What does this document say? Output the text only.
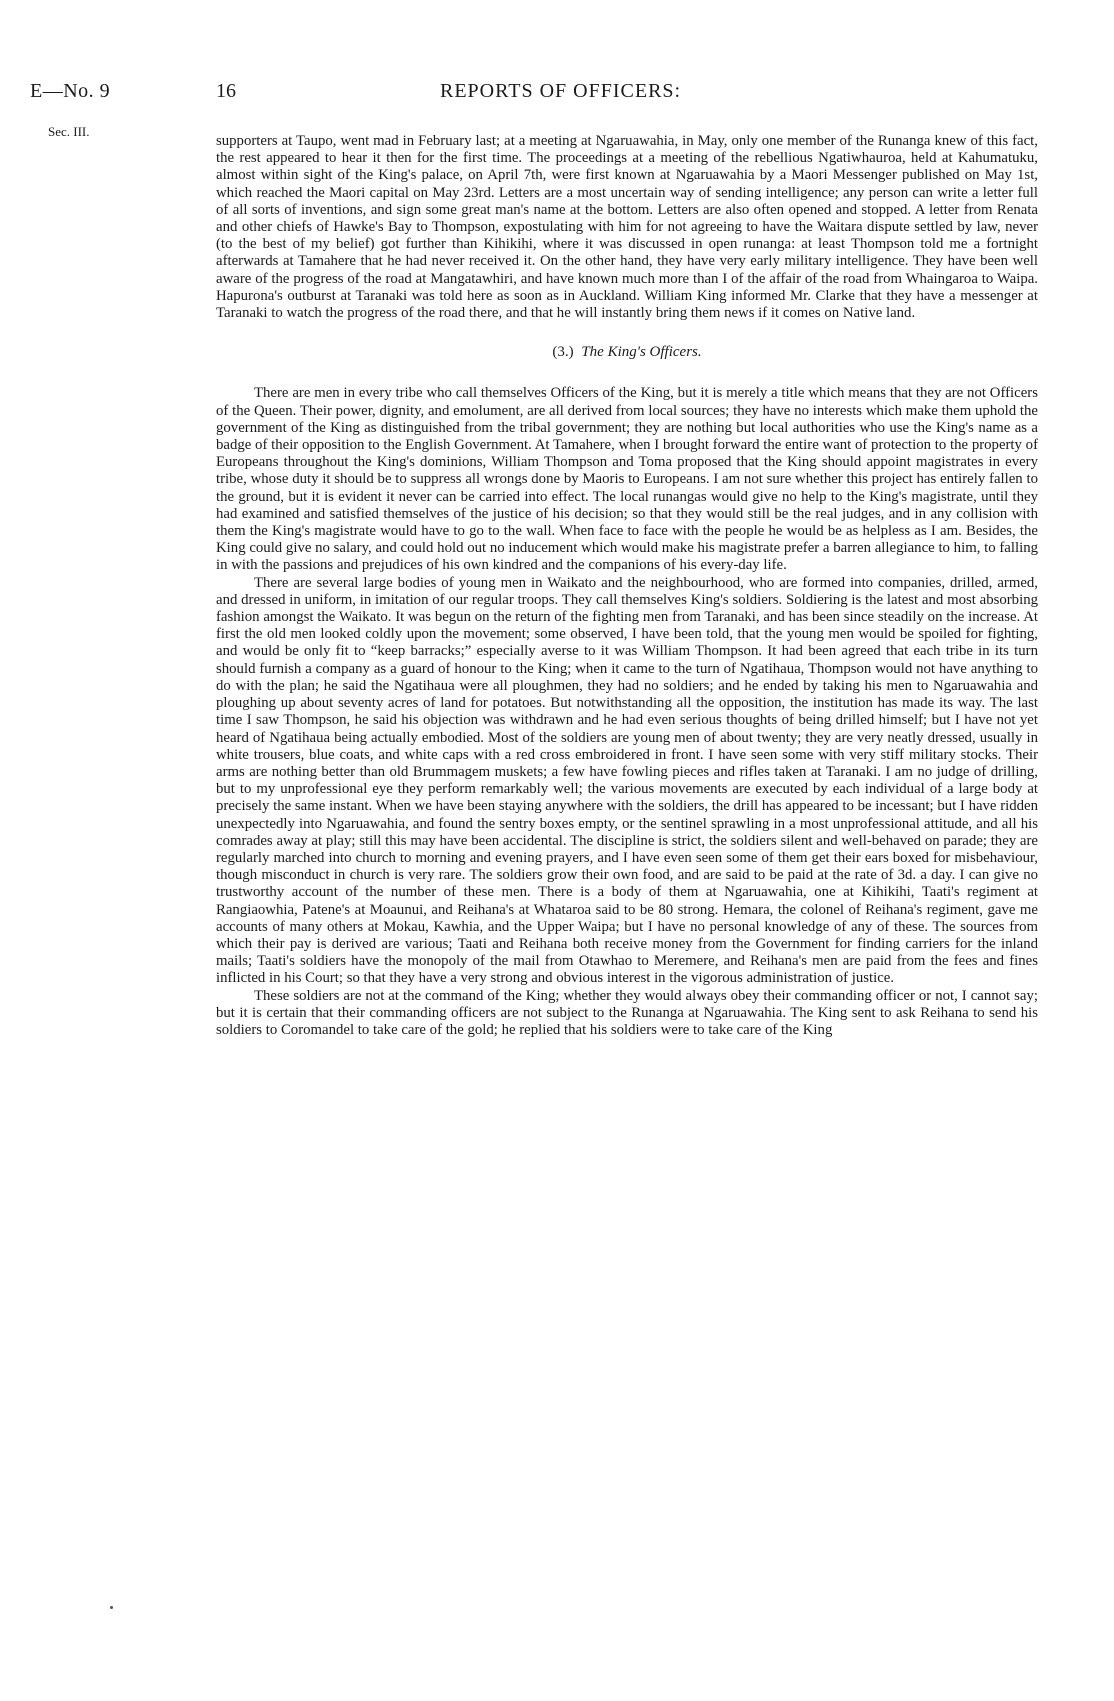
E—No. 9
Sec. III.
16	REPORTS OF OFFICERS:

supporters at Taupo, went mad in February last; at a meeting at Ngaruawahia, in May, only one member of the Runanga knew of this fact, the rest appeared to hear it then for the first time. The proceedings at a meeting of the rebellious Ngatiwhauroa, held at Kahumatuku, almost within sight of the King's palace, on April 7th, were first known at Ngaruawahia by a Maori Messenger published on May 1st, which reached the Maori capital on May 23rd. Letters are a most uncertain way of sending intelligence; any person can write a letter full of all sorts of inventions, and sign some great man's name at the bottom. Letters are also often opened and stopped. A letter from Renata and other chiefs of Hawke's Bay to Thompson, expostulating with him for not agreeing to have the Waitara dispute settled by law, never (to the best of my belief) got further than Kihikihi, where it was discussed in open runanga: at least Thompson told me a fortnight afterwards at Tamahere that he had never received it. On the other hand, they have very early military intelligence. They have been well aware of the progress of the road at Mangatawhiri, and have known much more than I of the affair of the road from Whaingaroa to Waipa. Hapurona's outburst at Taranaki was told here as soon as in Auckland. William King informed Mr. Clarke that they have a messenger at Taranaki to watch the progress of the road there, and that he will instantly bring them news if it comes on Native land.

(3.) The King's Officers.

There are men in every tribe who call themselves Officers of the King, but it is merely a title which means that they are not Officers of the Queen. Their power, dignity, and emolument, are all derived from local sources; they have no interests which make them uphold the government of the King as distinguished from the tribal government; they are nothing but local authorities who use the King's name as a badge of their opposition to the English Government. At Tamahere, when I brought forward the entire want of protection to the property of Europeans throughout the King's dominions, William Thompson and Toma proposed that the King should appoint magistrates in every tribe, whose duty it should be to suppress all wrongs done by Maoris to Europeans. I am not sure whether this project has entirely fallen to the ground, but it is evident it never can be carried into effect. The local runangas would give no help to the King's magistrate, until they had examined and satisfied themselves of the justice of his decision; so that they would still be the real judges, and in any collision with them the King's magistrate would have to go to the wall. When face to face with the people he would be as helpless as I am. Besides, the King could give no salary, and could hold out no inducement which would make his magistrate prefer a barren allegiance to him, to falling in with the passions and prejudices of his own kindred and the companions of his every-day life.

There are several large bodies of young men in Waikato and the neighbourhood, who are formed into companies, drilled, armed, and dressed in uniform, in imitation of our regular troops. They call themselves King's soldiers. Soldiering is the latest and most absorbing fashion amongst the Waikato. It was begun on the return of the fighting men from Taranaki, and has been since steadily on the increase. At first the old men looked coldly upon the movement; some observed, I have been told, that the young men would be spoiled for fighting, and would be only fit to “keep barracks;” especially averse to it was William Thompson. It had been agreed that each tribe in its turn should furnish a company as a guard of honour to the King; when it came to the turn of Ngatihaua, Thompson would not have anything to do with the plan; he said the Ngatihaua were all ploughmen, they had no soldiers; and he ended by taking his men to Ngaruawahia and ploughing up about seventy acres of land for potatoes. But notwithstanding all the opposition, the institution has made its way. The last time I saw Thompson, he said his objection was withdrawn and he had even serious thoughts of being drilled himself; but I have not yet heard of Ngatihaua being actually embodied. Most of the soldiers are young men of about twenty; they are very neatly dressed, usually in white trousers, blue coats, and white caps with a red cross embroidered in front. I have seen some with very stiff military stocks. Their arms are nothing better than old Brummagem muskets; a few have fowling pieces and rifles taken at Taranaki. I am no judge of drilling, but to my unprofessional eye they perform remarkably well; the various movements are executed by each individual of a large body at precisely the same instant. When we have been staying anywhere with the soldiers, the drill has appeared to be incessant; but I have ridden unexpectedly into Ngaruawahia, and found the sentry boxes empty, or the sentinel sprawling in a most unprofessional attitude, and all his comrades away at play; still this may have been accidental. The discipline is strict, the soldiers silent and well-behaved on parade; they are regularly marched into church to morning and evening prayers, and I have even seen some of them get their ears boxed for misbehaviour, though misconduct in church is very rare. The soldiers grow their own food, and are said to be paid at the rate of 3d. a day. I can give no trustworthy account of the number of these men. There is a body of them at Ngaruawahia, one at Kihikihi, Taati's regiment at Rangiaowhia, Patene's at Moaunui, and Reihana's at Whataroa said to be 80 strong. Hemara, the colonel of Reihana's regiment, gave me accounts of many others at Mokau, Kawhia, and the Upper Waipa; but I have no personal knowledge of any of these. The sources from which their pay is derived are various; Taati and Reihana both receive money from the Government for finding carriers for the inland mails; Taati's soldiers have the monopoly of the mail from Otawhao to Meremere, and Reihana's men are paid from the fees and fines inflicted in his Court; so that they have a very strong and obvious interest in the vigorous administration of justice.

These soldiers are not at the command of the King; whether they would always obey their commanding officer or not, I cannot say; but it is certain that their commanding officers are not subject to the Runanga at Ngaruawahia. The King sent to ask Reihana to send his soldiers to Coromandel to take care of the gold; he replied that his soldiers were to take care of the King
